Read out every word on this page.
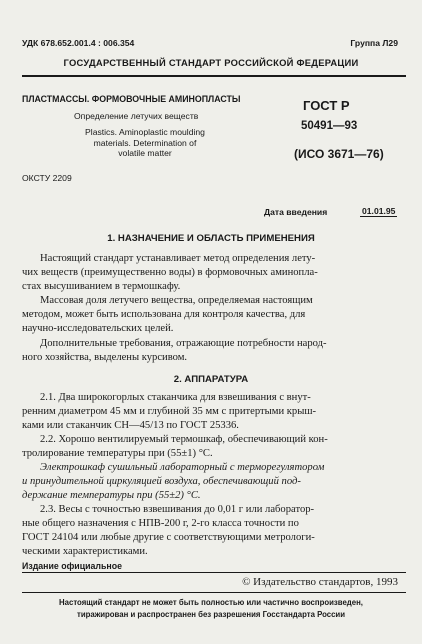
УДК 678.652.001.4 : 006.354	Группа Л29
ГОСУДАРСТВЕННЫЙ СТАНДАРТ РОССИЙСКОЙ ФЕДЕРАЦИИ
ПЛАСТМАССЫ. ФОРМОВОЧНЫЕ АМИНОПЛАСТЫ
Определение летучих веществ
Plastics. Aminoplastic moulding
materials. Determination of
volatile matter
ГОСТ Р
50491—93
(ИСО 3671—76)
ОКСТУ 2209
Дата введения	01.01.95
1. НАЗНАЧЕНИЕ И ОБЛАСТЬ ПРИМЕНЕНИЯ
Настоящий стандарт устанавливает метод определения лету-
чих веществ (преимущественно воды) в формовочных аминопла-
стах высушиванием в термошкафу.
Массовая доля летучего вещества, определяемая настоящим
методом, может быть использована для контроля качества, для
научно-исследовательских целей.
Дополнительные требования, отражающие потребности народ-
ного хозяйства, выделены курсивом.
2. АППАРАТУРА
2.1. Два широкогорлых стаканчика для взвешивания с внут-
ренним диаметром 45 мм и глубиной 35 мм с притертыми крыш-
ками или стаканчик СН—45/13 по ГОСТ 25336.
2.2. Хорошо вентилируемый термошкаф, обеспечивающий кон-
тролирование температуры при (55±1) °С.
Электрошкаф сушильный лабораторный с терморегулятором
и принудительной циркуляцией воздуха, обеспечивающий под-
держание температуры при (55±2) °С.
2.3. Весы с точностью взвешивания до 0,01 г или лаборатор-
ные общего назначения с НПВ-200 г, 2-го класса точности по
ГОСТ 24104 или любые другие с соответствующими метрологи-
ческими характеристиками.
Издание официальное
© Издательство стандартов, 1993
Настоящий стандарт не может быть полностью или частично воспроизведен,
тиражирован и распространен без разрешения Госстандарта России
